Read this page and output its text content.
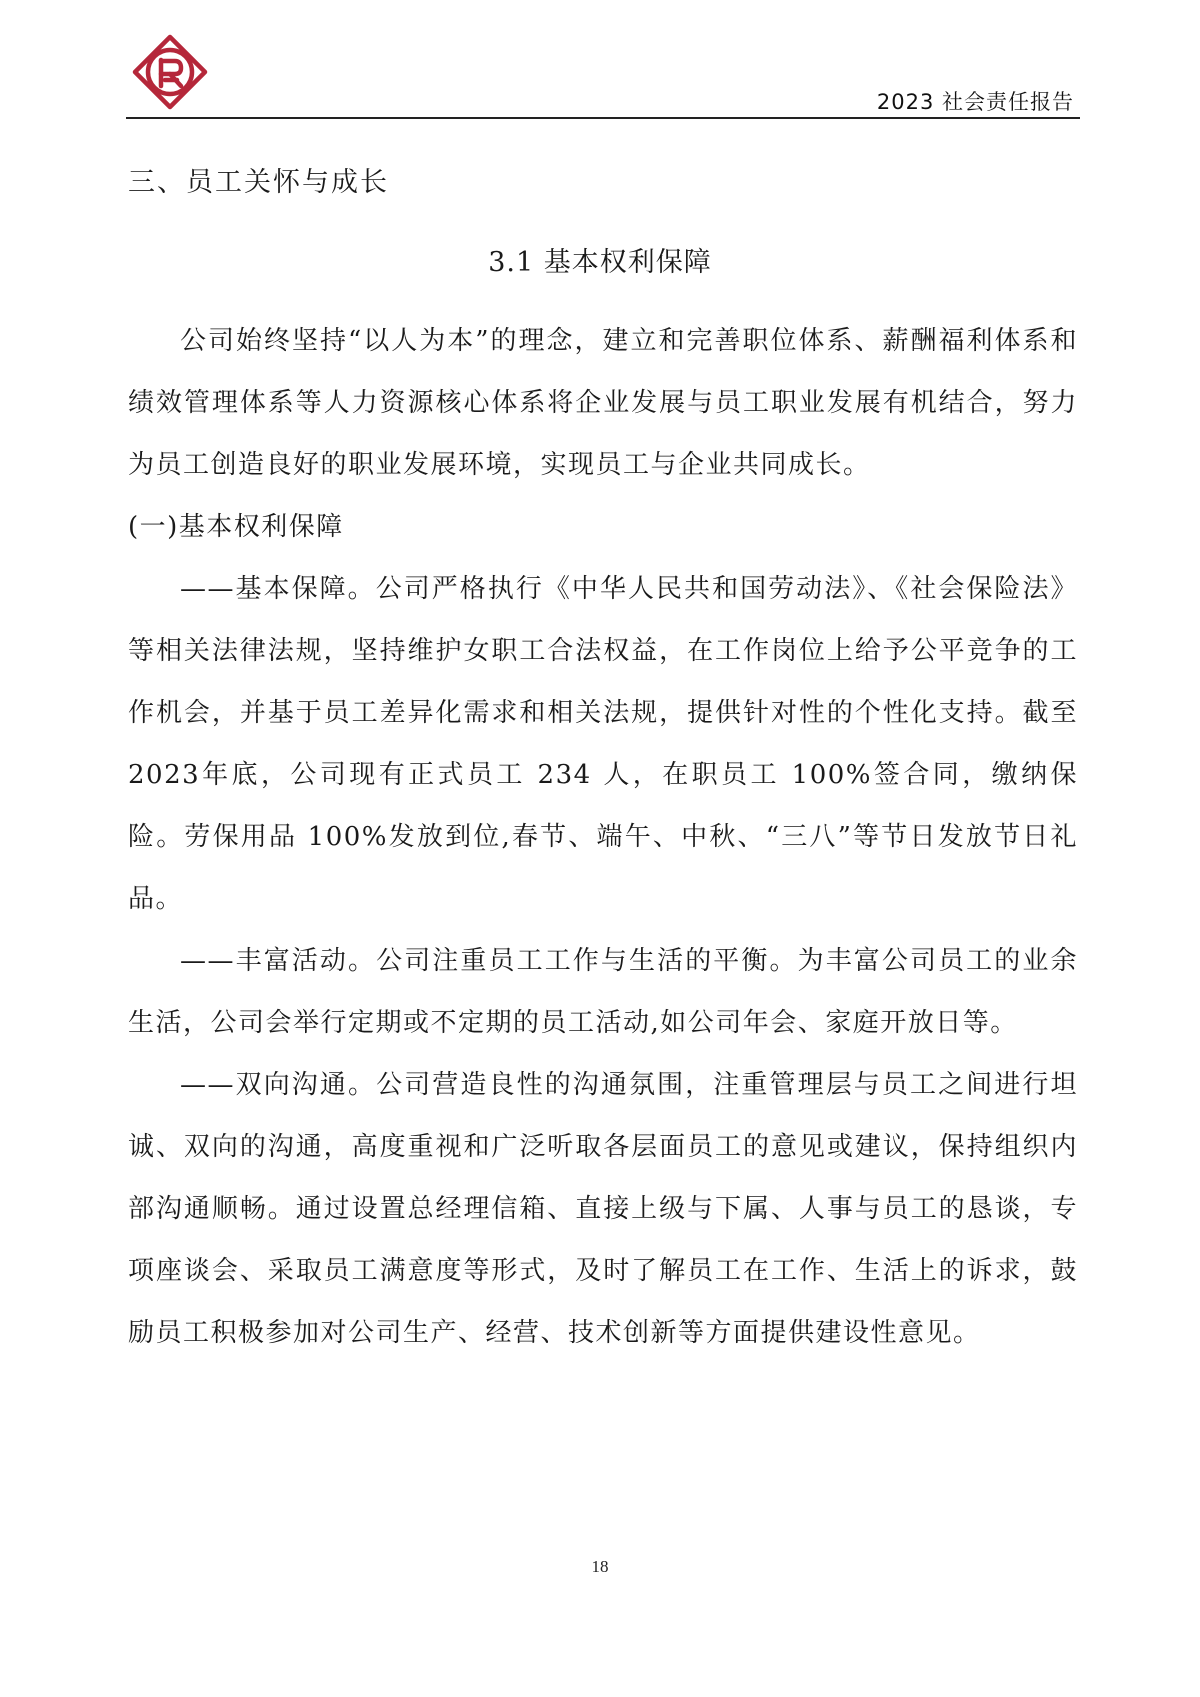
2023 社会责任报告
三、员工关怀与成长
3.1 基本权利保障

公司始终坚持“以人为本”的理念，建立和完善职位体系、薪酬福利体系和绩效管理体系等人力资源核心体系将企业发展与员工职业发展有机结合，努力为员工创造良好的职业发展环境，实现员工与企业共同成长。

(一)基本权利保障

——基本保障。公司严格执行《中华人民共和国劳动法》、《社会保险法》等相关法律法规，坚持维护女职工合法权益，在工作岗位上给予公平竞争的工作机会，并基于员工差异化需求和相关法规，提供针对性的个性化支持。截至2023年底，公司现有正式员工 234 人，在职员工 100%签合同，缴纳保险。劳保用品 100%发放到位,春节、端午、中秋、“三八”等节日发放节日礼品。

——丰富活动。公司注重员工工作与生活的平衡。为丰富公司员工的业余生活，公司会举行定期或不定期的员工活动,如公司年会、家庭开放日等。

——双向沟通。公司营造良性的沟通氛围，注重管理层与员工之间进行坦诚、双向的沟通，高度重视和广泛听取各层面员工的意见或建议，保持组织内部沟通顺畅。通过设置总经理信箱、直接上级与下属、人事与员工的恳谈，专项座谈会、采取员工满意度等形式，及时了解员工在工作、生活上的诉求，鼓励员工积极参加对公司生产、经营、技术创新等方面提供建设性意见。

18
